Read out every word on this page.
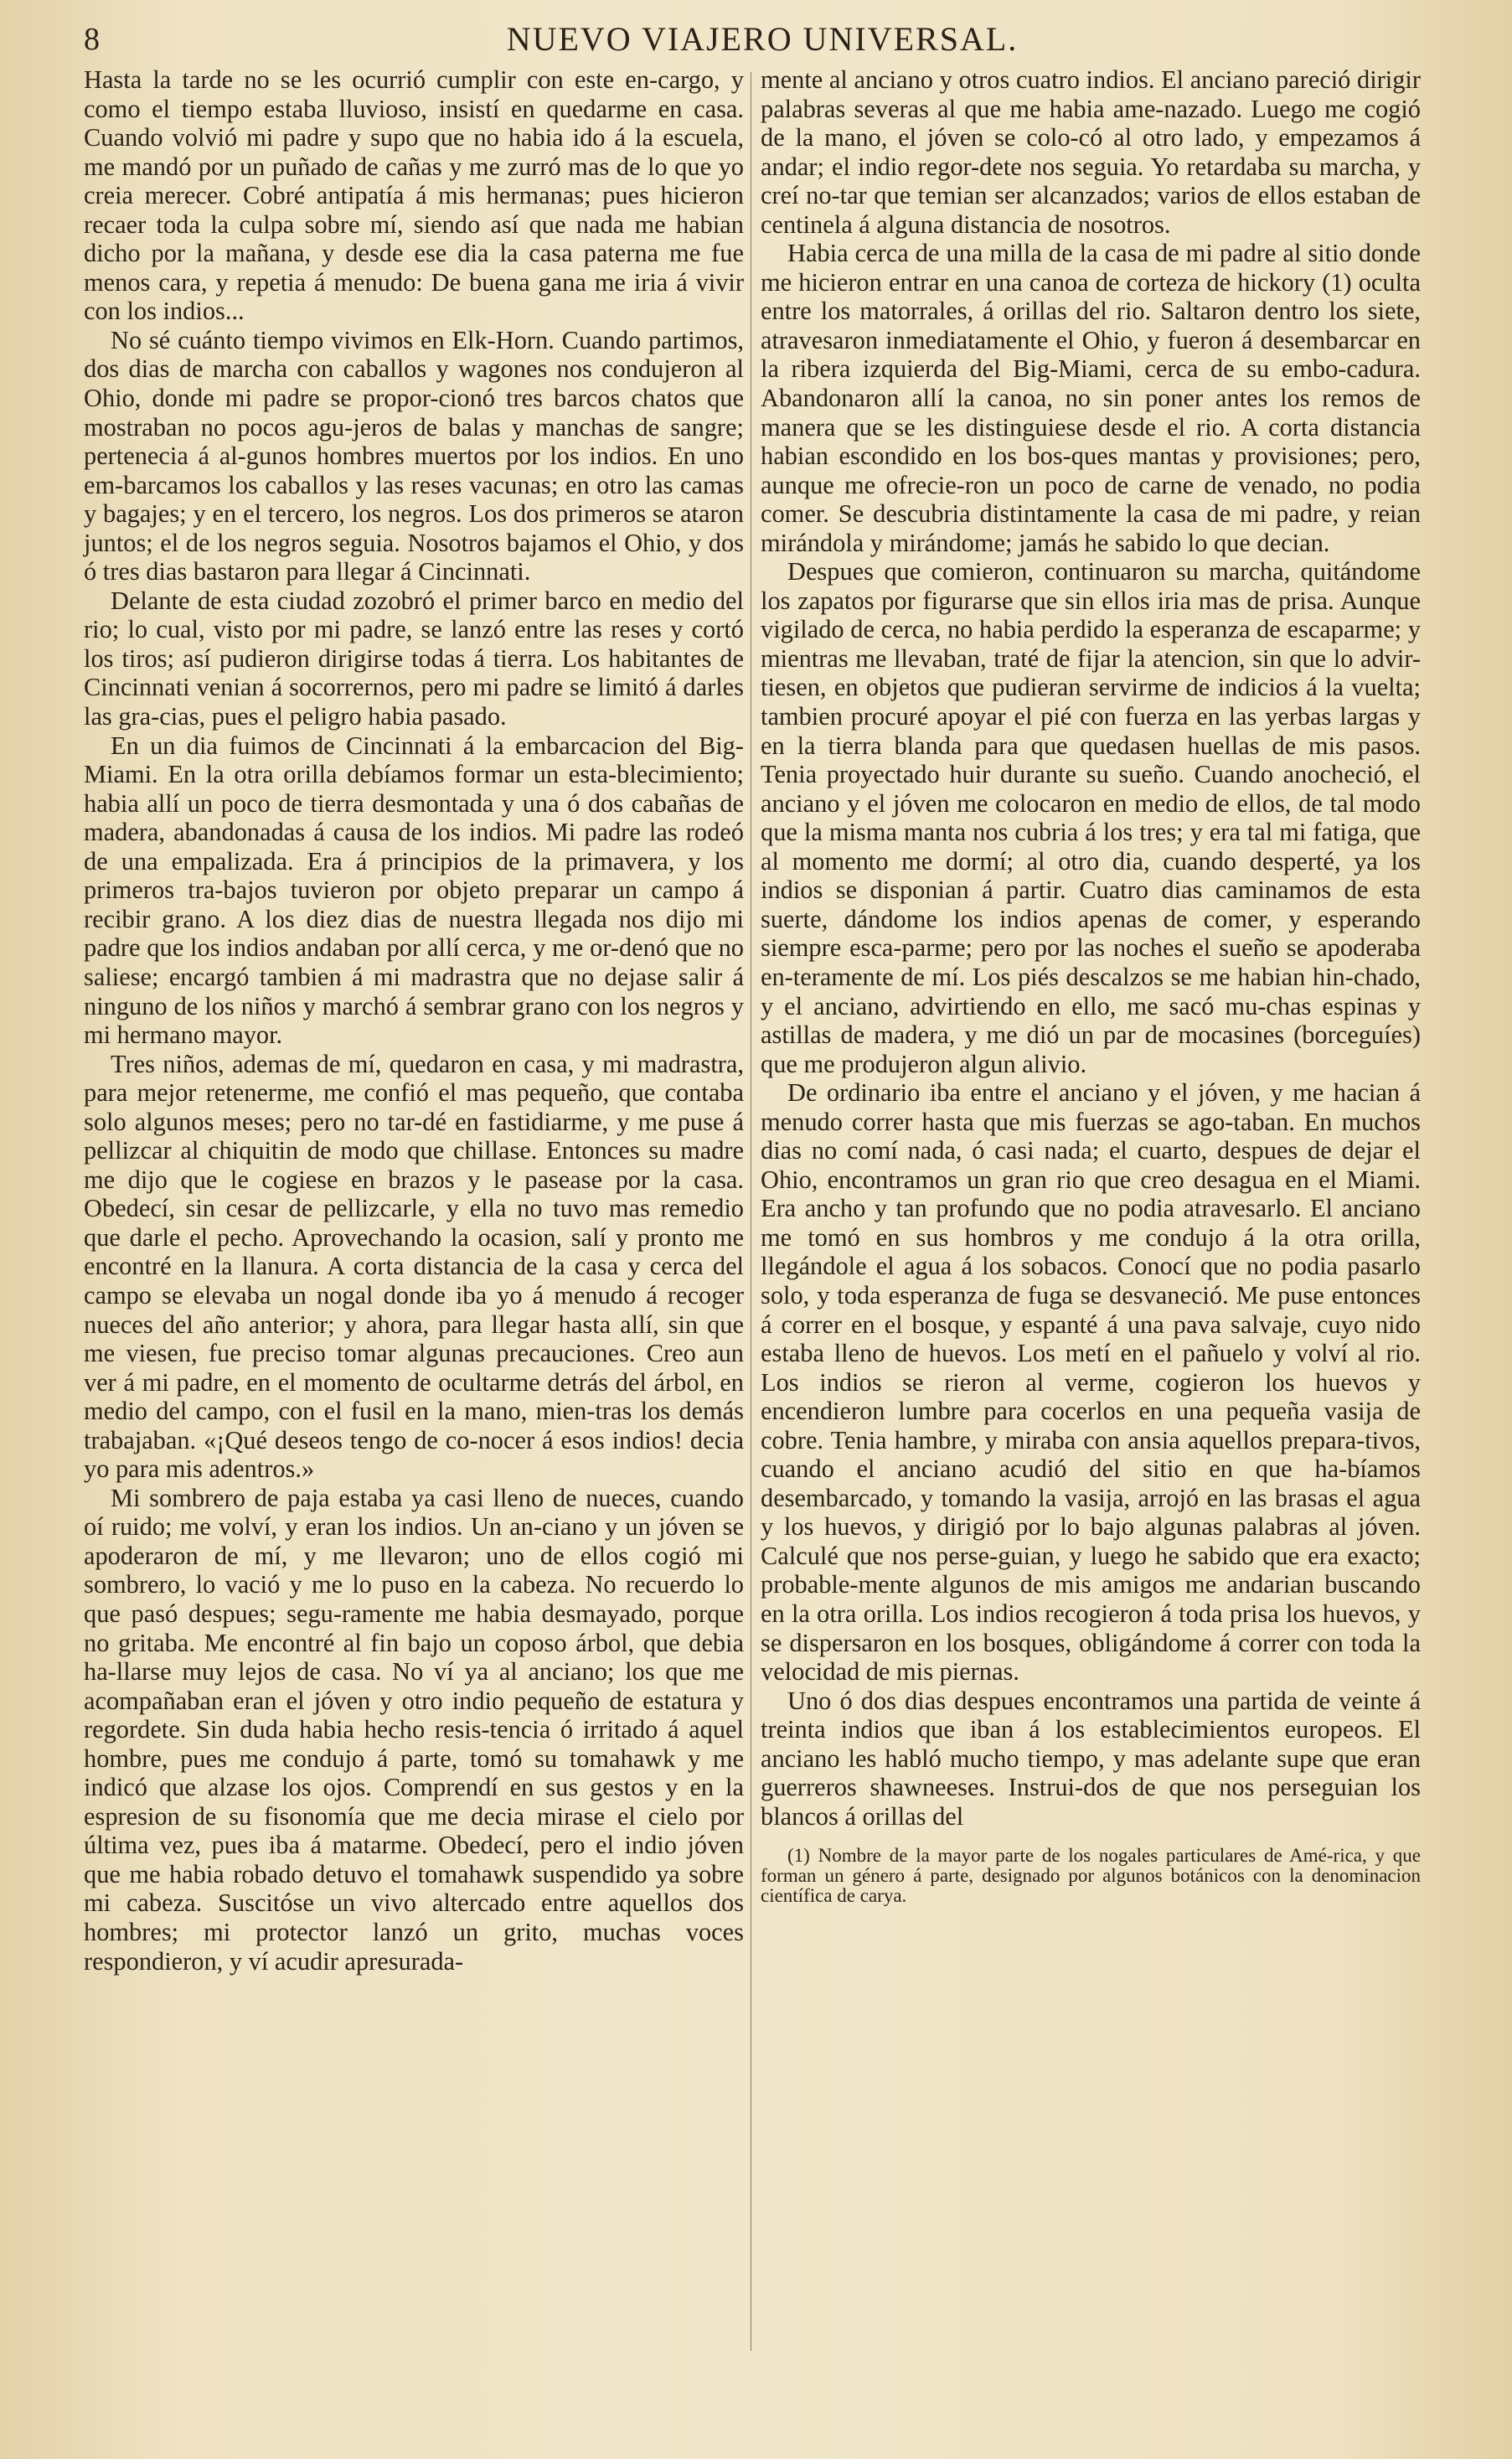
8	NUEVO VIAJERO UNIVERSAL.

Hasta la tarde no se les ocurrió cumplir con este en-cargo, y como el tiempo estaba lluvioso, insistí en quedarme en casa. Cuando volvió mi padre y supo que no habia ido á la escuela, me mandó por un puñado de cañas y me zurró mas de lo que yo creia merecer. Cobré antipatía á mis hermanas; pues hicieron recaer toda la culpa sobre mí, siendo así que nada me habian dicho por la mañana, y desde ese dia la casa paterna me fue menos cara, y repetia á menudo: De buena gana me iria á vivir con los indios...

No sé cuánto tiempo vivimos en Elk-Horn. Cuando partimos, dos dias de marcha con caballos y wagones nos condujeron al Ohio, donde mi padre se propor-cionó tres barcos chatos que mostraban no pocos agu-jeros de balas y manchas de sangre; pertenecia á al-gunos hombres muertos por los indios. En uno em-barcamos los caballos y las reses vacunas; en otro las camas y bagajes; y en el tercero, los negros. Los dos primeros se ataron juntos; el de los negros seguia. Nosotros bajamos el Ohio, y dos ó tres dias bastaron para llegar á Cincinnati.

Delante de esta ciudad zozobró el primer barco en medio del rio; lo cual, visto por mi padre, se lanzó entre las reses y cortó los tiros; así pudieron dirigirse todas á tierra. Los habitantes de Cincinnati venian á socorrernos, pero mi padre se limitó á darles las gra-cias, pues el peligro habia pasado.

En un dia fuimos de Cincinnati á la embarcacion del Big-Miami. En la otra orilla debíamos formar un esta-blecimiento; habia allí un poco de tierra desmontada y una ó dos cabañas de madera, abandonadas á causa de los indios. Mi padre las rodeó de una empalizada. Era á principios de la primavera, y los primeros tra-bajos tuvieron por objeto preparar un campo á recibir grano. A los diez dias de nuestra llegada nos dijo mi padre que los indios andaban por allí cerca, y me or-denó que no saliese; encargó tambien á mi madrastra que no dejase salir á ninguno de los niños y marchó á sembrar grano con los negros y mi hermano mayor.

Tres niños, ademas de mí, quedaron en casa, y mi madrastra, para mejor retenerme, me confió el mas pequeño, que contaba solo algunos meses; pero no tar-dé en fastidiarme, y me puse á pellizcar al chiquitin de modo que chillase. Entonces su madre me dijo que le cogiese en brazos y le pasease por la casa. Obedecí, sin cesar de pellizcarle, y ella no tuvo mas remedio que darle el pecho. Aprovechando la ocasion, salí y pronto me encontré en la llanura. A corta distancia de la casa y cerca del campo se elevaba un nogal donde iba yo á menudo á recoger nueces del año anterior; y ahora, para llegar hasta allí, sin que me viesen, fue preciso tomar algunas precauciones. Creo aun ver á mi padre, en el momento de ocultarme detrás del árbol, en medio del campo, con el fusil en la mano, mien-tras los demás trabajaban. «¡Qué deseos tengo de co-nocer á esos indios! decia yo para mis adentros.»

Mi sombrero de paja estaba ya casi lleno de nueces, cuando oí ruido; me volví, y eran los indios. Un an-ciano y un jóven se apoderaron de mí, y me llevaron; uno de ellos cogió mi sombrero, lo vació y me lo puso en la cabeza. No recuerdo lo que pasó despues; segu-ramente me habia desmayado, porque no gritaba. Me encontré al fin bajo un coposo árbol, que debia ha-llarse muy lejos de casa. No ví ya al anciano; los que me acompañaban eran el jóven y otro indio pequeño de estatura y regordete. Sin duda habia hecho resis-tencia ó irritado á aquel hombre, pues me condujo á parte, tomó su tomahawk y me indicó que alzase los ojos. Comprendí en sus gestos y en la espresion de su fisonomía que me decia mirase el cielo por última vez, pues iba á matarme. Obedecí, pero el indio jóven que me habia robado detuvo el tomahawk suspendido ya sobre mi cabeza. Suscitóse un vivo altercado entre aquellos dos hombres; mi protector lanzó un grito, muchas voces respondieron, y ví acudir apresurada-

mente al anciano y otros cuatro indios. El anciano pareció dirigir palabras severas al que me habia ame-nazado. Luego me cogió de la mano, el jóven se colo-có al otro lado, y empezamos á andar; el indio regor-dete nos seguia. Yo retardaba su marcha, y creí no-tar que temian ser alcanzados; varios de ellos estaban de centinela á alguna distancia de nosotros.

Habia cerca de una milla de la casa de mi padre al sitio donde me hicieron entrar en una canoa de corteza de hickory (1) oculta entre los matorrales, á orillas del rio. Saltaron dentro los siete, atravesaron inmediatamente el Ohio, y fueron á desembarcar en la ribera izquierda del Big-Miami, cerca de su embo-cadura. Abandonaron allí la canoa, no sin poner antes los remos de manera que se les distinguiese desde el rio. A corta distancia habian escondido en los bos-ques mantas y provisiones; pero, aunque me ofrecie-ron un poco de carne de venado, no podia comer. Se descubria distintamente la casa de mi padre, y reian mirándola y mirándome; jamás he sabido lo que decian.

Despues que comieron, continuaron su marcha, quitándome los zapatos por figurarse que sin ellos iria mas de prisa. Aunque vigilado de cerca, no habia perdido la esperanza de escaparme; y mientras me llevaban, traté de fijar la atencion, sin que lo advir-tiesen, en objetos que pudieran servirme de indicios á la vuelta; tambien procuré apoyar el pié con fuerza en las yerbas largas y en la tierra blanda para que quedasen huellas de mis pasos. Tenia proyectado huir durante su sueño. Cuando anocheció, el anciano y el jóven me colocaron en medio de ellos, de tal modo que la misma manta nos cubria á los tres; y era tal mi fatiga, que al momento me dormí; al otro dia, cuando desperté, ya los indios se disponian á partir. Cuatro dias caminamos de esta suerte, dándome los indios apenas de comer, y esperando siempre esca-parme; pero por las noches el sueño se apoderaba en-teramente de mí. Los piés descalzos se me habian hin-chado, y el anciano, advirtiendo en ello, me sacó mu-chas espinas y astillas de madera, y me dió un par de mocasines (borceguíes) que me produjeron algun alivio.

De ordinario iba entre el anciano y el jóven, y me hacian á menudo correr hasta que mis fuerzas se ago-taban. En muchos dias no comí nada, ó casi nada; el cuarto, despues de dejar el Ohio, encontramos un gran rio que creo desagua en el Miami. Era ancho y tan profundo que no podia atravesarlo. El anciano me tomó en sus hombros y me condujo á la otra orilla, llegándole el agua á los sobacos. Conocí que no podia pasarlo solo, y toda esperanza de fuga se desvaneció. Me puse entonces á correr en el bosque, y espanté á una pava salvaje, cuyo nido estaba lleno de huevos. Los metí en el pañuelo y volví al rio. Los indios se rieron al verme, cogieron los huevos y encendieron lumbre para cocerlos en una pequeña vasija de cobre. Tenia hambre, y miraba con ansia aquellos prepara-tivos, cuando el anciano acudió del sitio en que ha-bíamos desembarcado, y tomando la vasija, arrojó en las brasas el agua y los huevos, y dirigió por lo bajo algunas palabras al jóven. Calculé que nos perse-guian, y luego he sabido que era exacto; probable-mente algunos de mis amigos me andarian buscando en la otra orilla. Los indios recogieron á toda prisa los huevos, y se dispersaron en los bosques, obligándome á correr con toda la velocidad de mis piernas.

Uno ó dos dias despues encontramos una partida de veinte á treinta indios que iban á los establecimientos europeos. El anciano les habló mucho tiempo, y mas adelante supe que eran guerreros shawneeses. Instrui-dos de que nos perseguian los blancos á orillas del

(1) Nombre de la mayor parte de los nogales particulares de Amé-rica, y que forman un género á parte, designado por algunos botánicos con la denominacion científica de carya.
